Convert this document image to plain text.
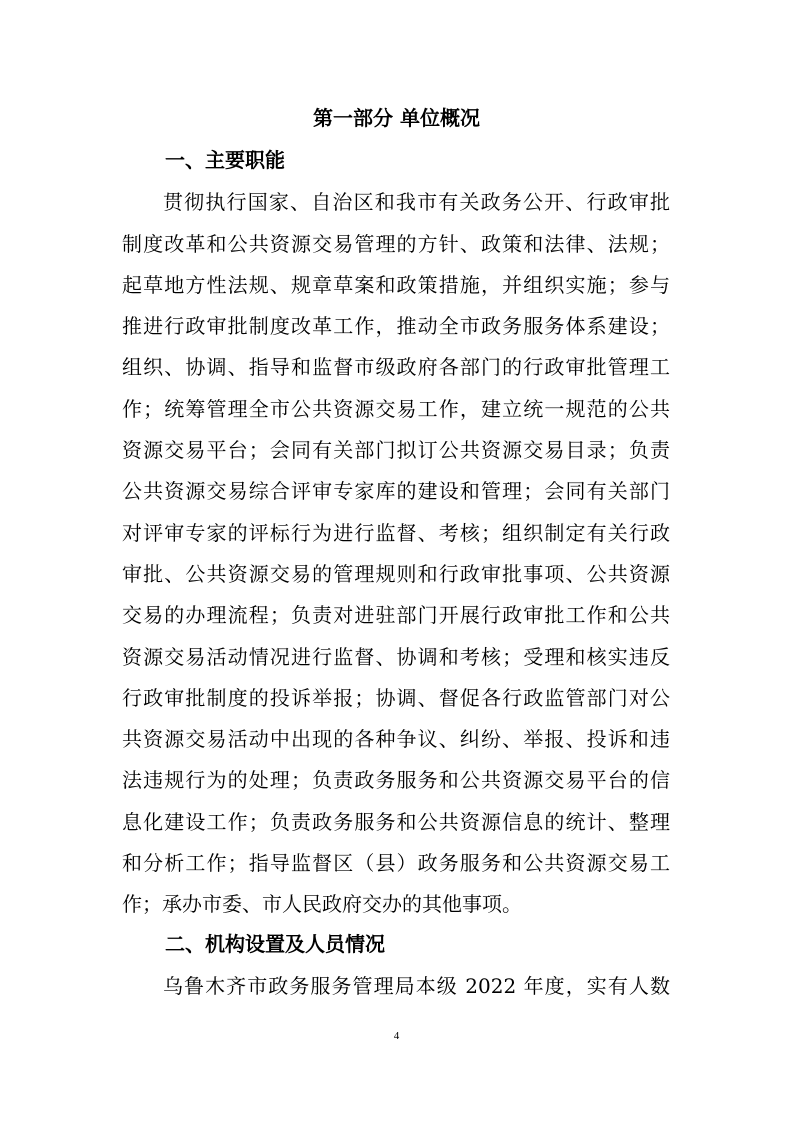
第一部分 单位概况
一、主要职能
贯彻执行国家、自治区和我市有关政务公开、行政审批
制度改革和公共资源交易管理的方针、政策和法律、法规；
起草地方性法规、规章草案和政策措施，并组织实施；参与
推进行政审批制度改革工作，推动全市政务服务体系建设；
组织、协调、指导和监督市级政府各部门的行政审批管理工
作；统筹管理全市公共资源交易工作，建立统一规范的公共
资源交易平台；会同有关部门拟订公共资源交易目录；负责
公共资源交易综合评审专家库的建设和管理；会同有关部门
对评审专家的评标行为进行监督、考核；组织制定有关行政
审批、公共资源交易的管理规则和行政审批事项、公共资源
交易的办理流程；负责对进驻部门开展行政审批工作和公共
资源交易活动情况进行监督、协调和考核；受理和核实违反
行政审批制度的投诉举报；协调、督促各行政监管部门对公
共资源交易活动中出现的各种争议、纠纷、举报、投诉和违
法违规行为的处理；负责政务服务和公共资源交易平台的信
息化建设工作；负责政务服务和公共资源信息的统计、整理
和分析工作；指导监督区（县）政务服务和公共资源交易工
作；承办市委、市人民政府交办的其他事项。
二、机构设置及人员情况
乌鲁木齐市政务服务管理局本级 2022 年度，实有人数
4
